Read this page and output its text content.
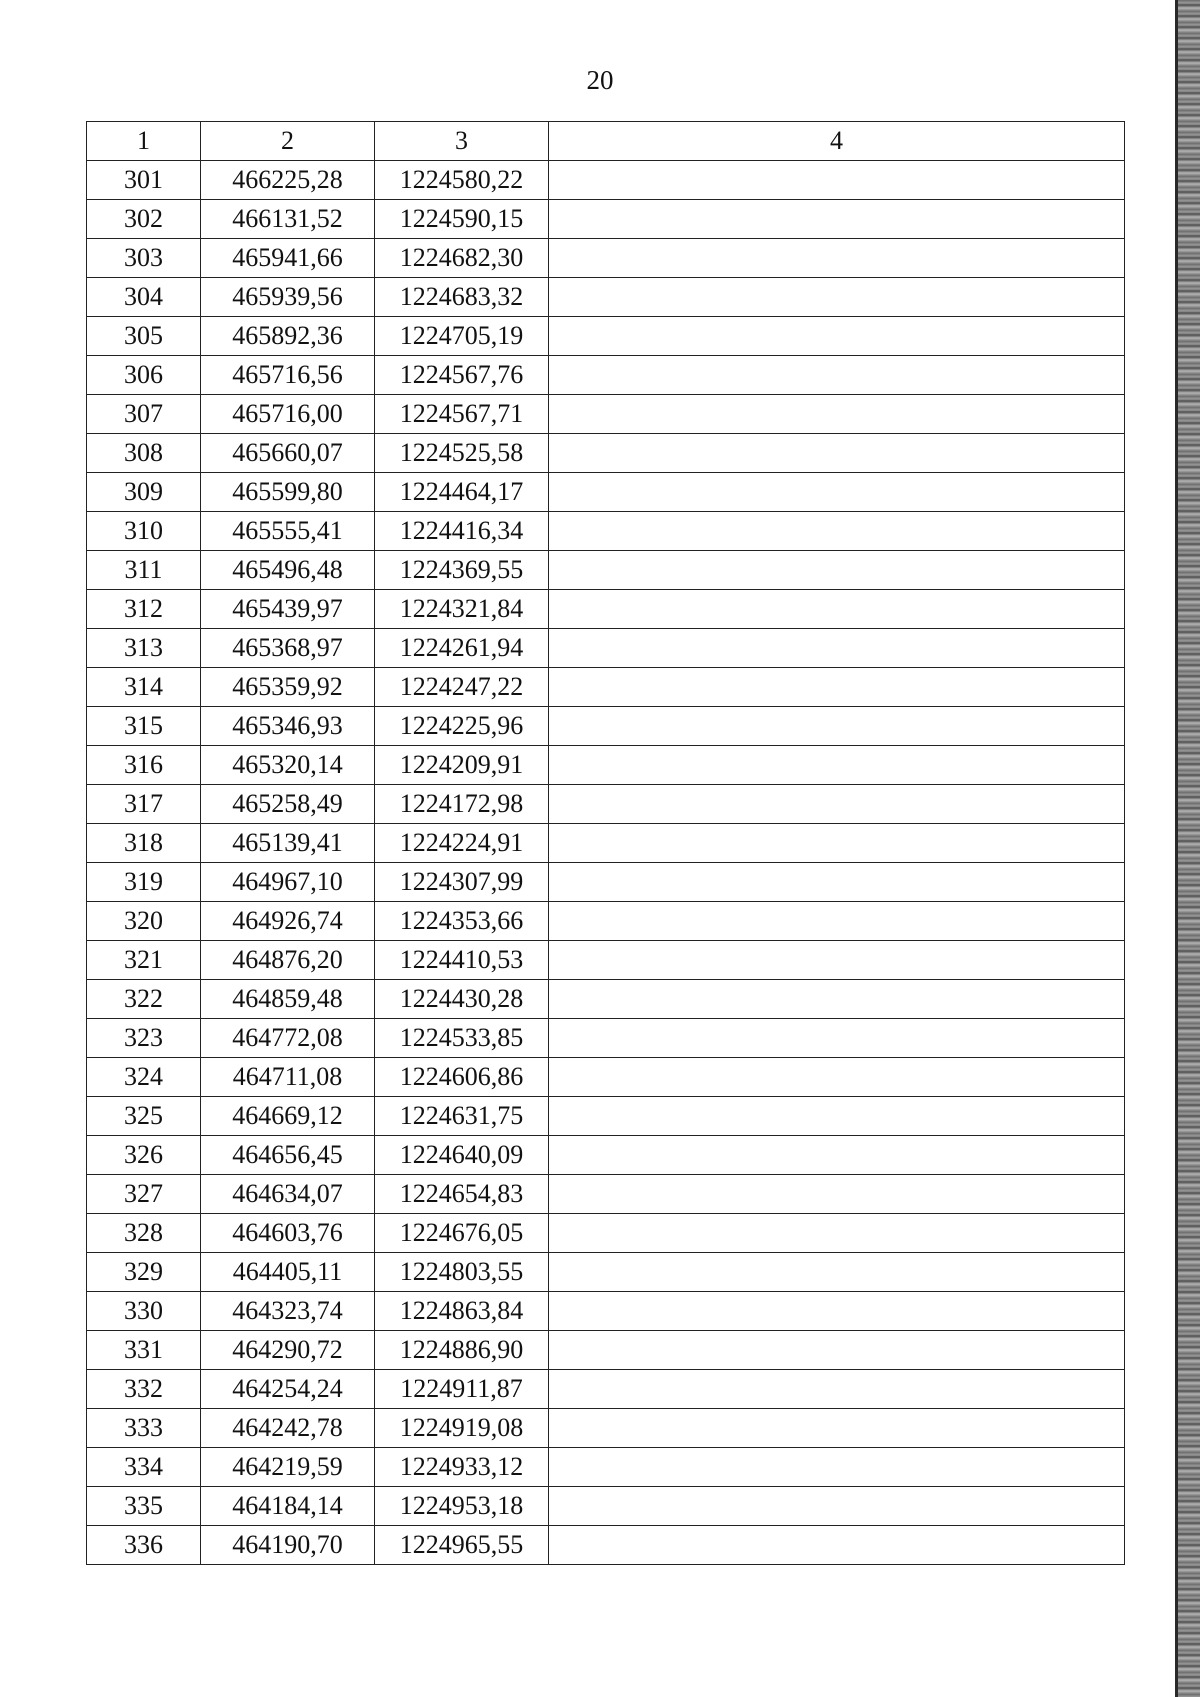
20
1	2	3	4
301	466225,28	1224580,22	
302	466131,52	1224590,15	
303	465941,66	1224682,30	
304	465939,56	1224683,32	
305	465892,36	1224705,19	
306	465716,56	1224567,76	
307	465716,00	1224567,71	
308	465660,07	1224525,58	
309	465599,80	1224464,17	
310	465555,41	1224416,34	
311	465496,48	1224369,55	
312	465439,97	1224321,84	
313	465368,97	1224261,94	
314	465359,92	1224247,22	
315	465346,93	1224225,96	
316	465320,14	1224209,91	
317	465258,49	1224172,98	
318	465139,41	1224224,91	
319	464967,10	1224307,99	
320	464926,74	1224353,66	
321	464876,20	1224410,53	
322	464859,48	1224430,28	
323	464772,08	1224533,85	
324	464711,08	1224606,86	
325	464669,12	1224631,75	
326	464656,45	1224640,09	
327	464634,07	1224654,83	
328	464603,76	1224676,05	
329	464405,11	1224803,55	
330	464323,74	1224863,84	
331	464290,72	1224886,90	
332	464254,24	1224911,87	
333	464242,78	1224919,08	
334	464219,59	1224933,12	
335	464184,14	1224953,18	
336	464190,70	1224965,55	
